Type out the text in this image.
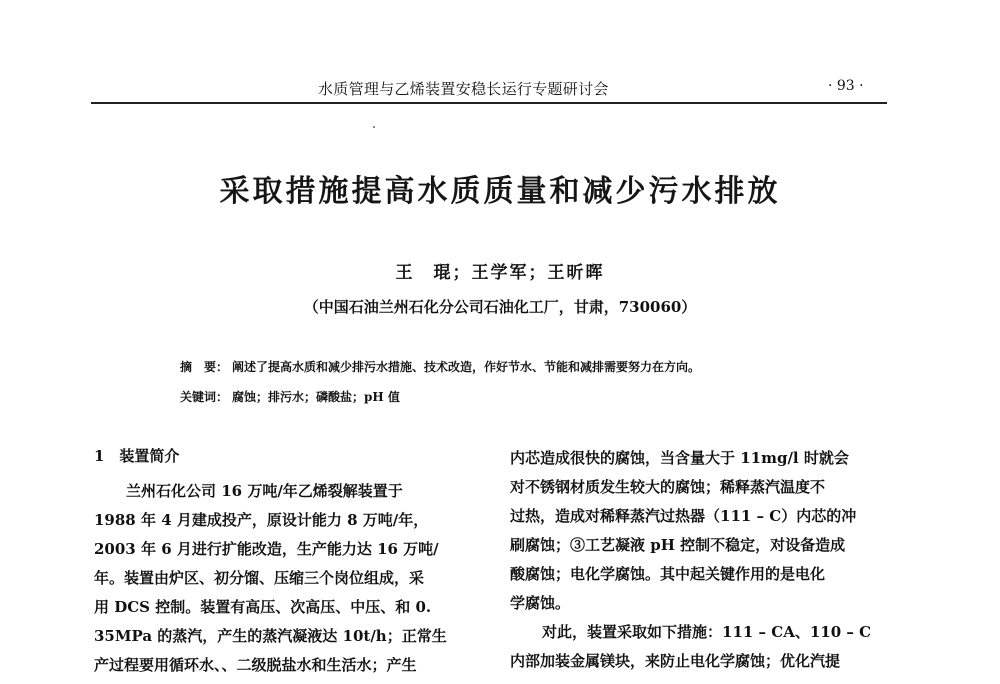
水质管理与乙烯装置安稳长运行专题研讨会	· 93 ·
采取措施提高水质质量和减少污水排放
王　琨；王学军；王昕晖
（中国石油兰州石化分公司石油化工厂，甘肃，730060）
摘　要： 阐述了提高水质和减少排污水措施、技术改造，作好节水、节能和减排需要努力在方向。
关键词： 腐蚀；排污水；磷酸盐；pH 值
1　装置简介
兰州石化公司 16 万吨/年乙烯裂解装置于
1988 年 4 月建成投产，原设计能力 8 万吨/年，
2003 年 6 月进行扩能改造，生产能力达 16 万吨/
年。装置由炉区、初分馏、压缩三个岗位组成，采
用 DCS 控制。装置有高压、次高压、中压、和 0.
35MPa 的蒸汽，产生的蒸汽凝液达 10t/h；正常生
产过程要用循环水、、二级脱盐水和生活水；产生
内芯造成很快的腐蚀，当含量大于 11mg/l 时就会
对不锈钢材质发生较大的腐蚀；稀释蒸汽温度不
过热，造成对稀释蒸汽过热器（111 – C）内芯的冲
刷腐蚀；③工艺凝液 pH 控制不稳定，对设备造成
酸腐蚀；电化学腐蚀。其中起关键作用的是电化
学腐蚀。
对此，装置采取如下措施：111 – CA、110 – C
内部加装金属镁块，来防止电化学腐蚀；优化汽提
